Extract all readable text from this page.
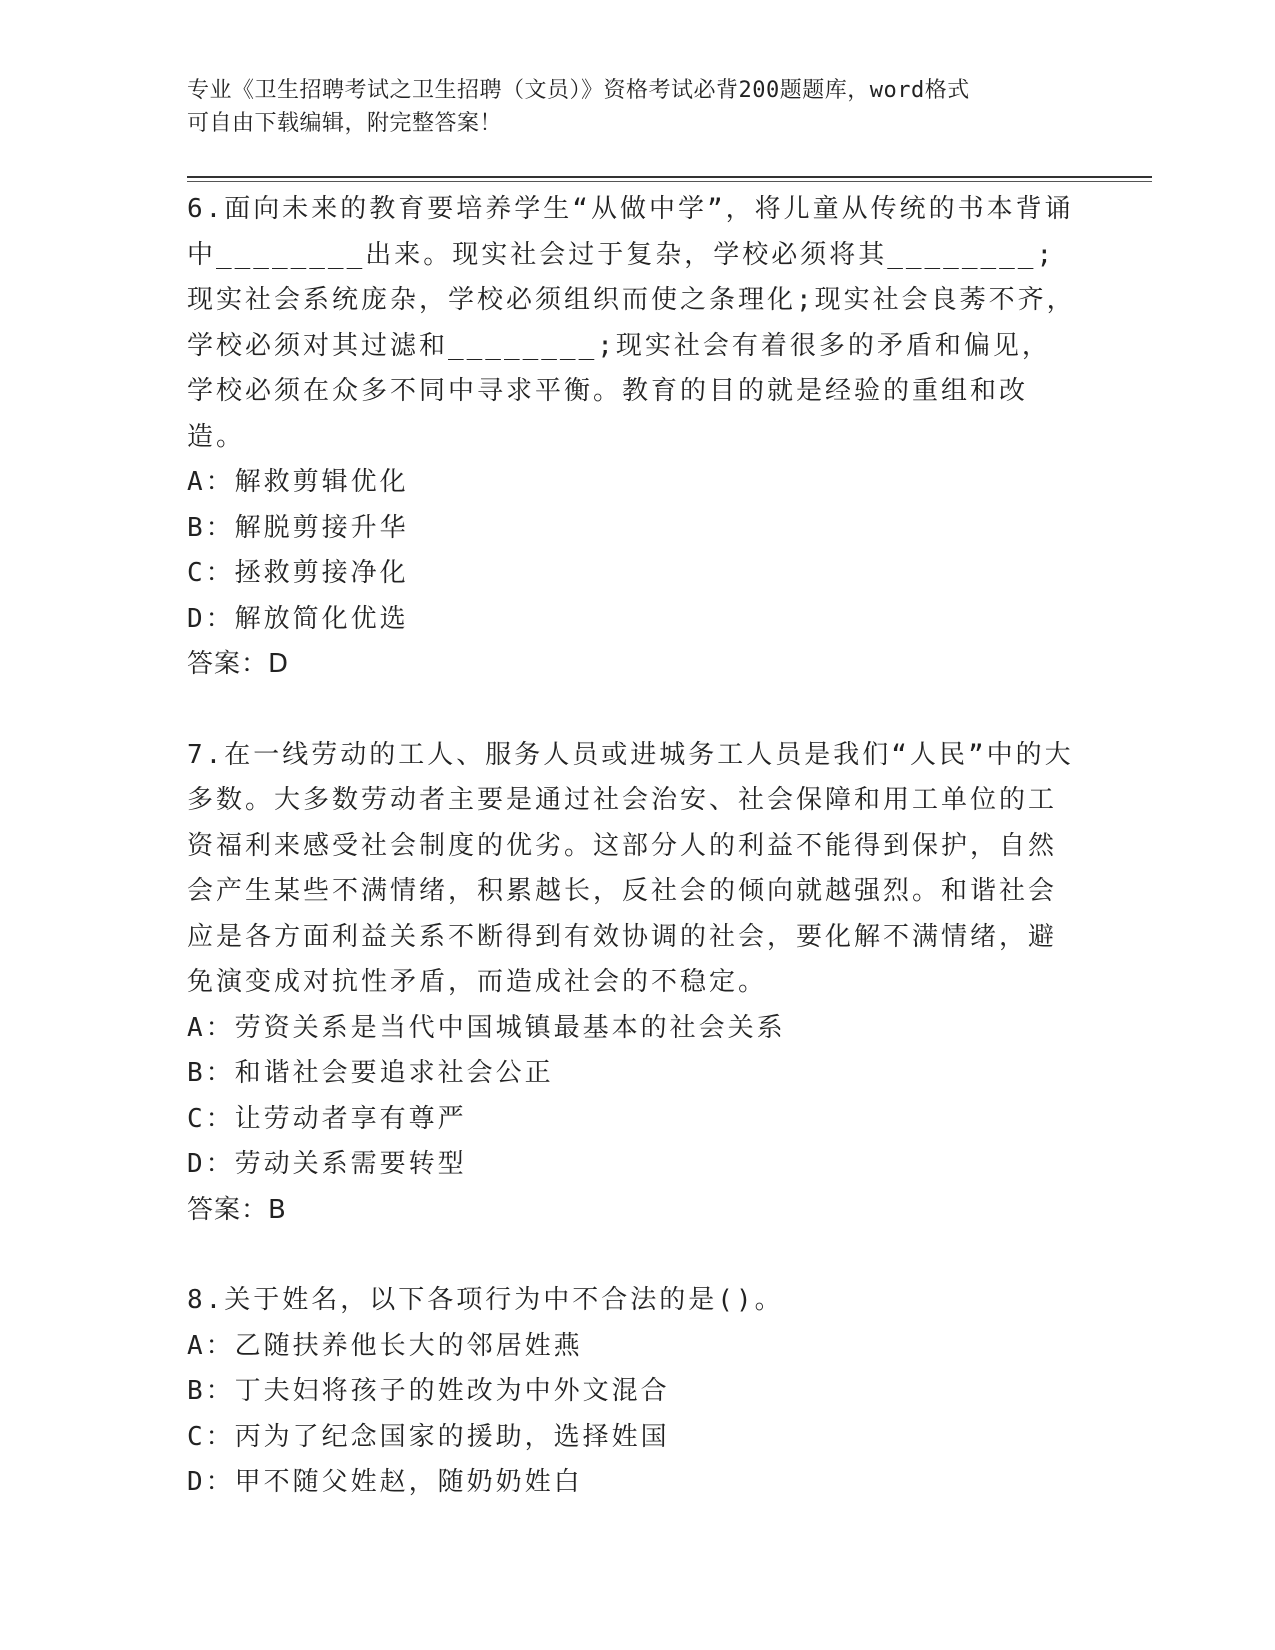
专业《卫生招聘考试之卫生招聘（文员）》资格考试必背200题题库，word格式
可自由下载编辑，附完整答案！

6.面向未来的教育要培养学生“从做中学”，将儿童从传统的书本背诵中________出来。现实社会过于复杂，学校必须将其________;现实社会系统庞杂，学校必须组织而使之条理化;现实社会良莠不齐，学校必须对其过滤和________;现实社会有着很多的矛盾和偏见，学校必须在众多不同中寻求平衡。教育的目的就是经验的重组和改造。

A：解救剪辑优化

B：解脱剪接升华

C：拯救剪接净化

D：解放简化优选

答案：D

7.在一线劳动的工人、服务人员或进城务工人员是我们“人民”中的大多数。大多数劳动者主要是通过社会治安、社会保障和用工单位的工资福利来感受社会制度的优劣。这部分人的利益不能得到保护，自然会产生某些不满情绪，积累越长，反社会的倾向就越强烈。和谐社会应是各方面利益关系不断得到有效协调的社会，要化解不满情绪，避免演变成对抗性矛盾，而造成社会的不稳定。

A：劳资关系是当代中国城镇最基本的社会关系

B：和谐社会要追求社会公正

C：让劳动者享有尊严

D：劳动关系需要转型

答案：B

8.关于姓名，以下各项行为中不合法的是()。

A：乙随扶养他长大的邻居姓燕

B：丁夫妇将孩子的姓改为中外文混合

C：丙为了纪念国家的援助，选择姓国

D：甲不随父姓赵，随奶奶姓白
